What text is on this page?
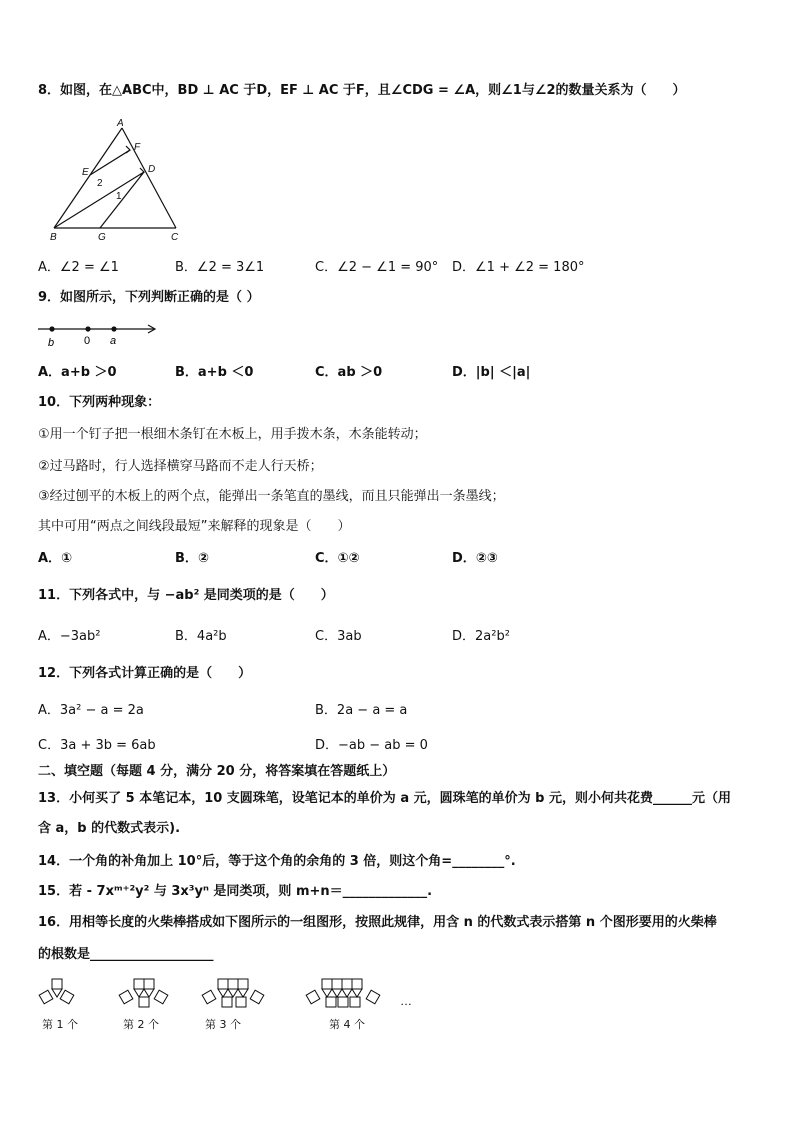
8．如图，在△ABC中，BD ⊥ AC 于D，EF ⊥ AC 于F，且∠CDG = ∠A，则∠1与∠2的数量关系为（　　）
A
F
E	D
B	G	C
2
1
A．∠2 = ∠1	B．∠2 = 3∠1	C．∠2 − ∠1 = 90° D．∠1 + ∠2 = 180°
9．如图所示，下列判断正确的是（ ）
b	0 a
A．a+b ＞0	B．a+b ＜0	C．ab ＞0	D．|b| ＜|a|
10．下列两种现象：
①用一个钉子把一根细木条钉在木板上，用手拨木条，木条能转动；
②过马路时，行人选择横穿马路而不走人行天桥；
③经过刨平的木板上的两个点，能弹出一条笔直的墨线，而且只能弹出一条墨线；
其中可用“两点之间线段最短”来解释的现象是（　　）
A．①	B．②	C．①②	D．②③
11．下列各式中，与 −ab² 是同类项的是（　　）
A．−3ab²	B．4a²b	C．3ab	D．2a²b²
12．下列各式计算正确的是（　　）
A．3a² − a = 2a	B．2a − a = a
C．3a + 3b = 6ab	D．−ab − ab = 0
二、填空题（每题 4 分，满分 20 分，将答案填在答题纸上）
13．小何买了 5 本笔记本，10 支圆珠笔，设笔记本的单价为 a 元，圆珠笔的单价为 b 元，则小何共花费______元（用
含 a，b 的代数式表示).
14．一个角的补角加上 10°后，等于这个角的余角的 3 倍，则这个角=________°.
15．若 - 7xᵐ⁺²y² 与 3x³yⁿ 是同类项，则 m+n＝_____________.
16．用相等长度的火柴棒搭成如下图所示的一组图形，按照此规律，用含 n 的代数式表示搭第 n 个图形要用的火柴棒
的根数是___________________
…
第 1 个	第 2 个	第 3 个	第 4 个
